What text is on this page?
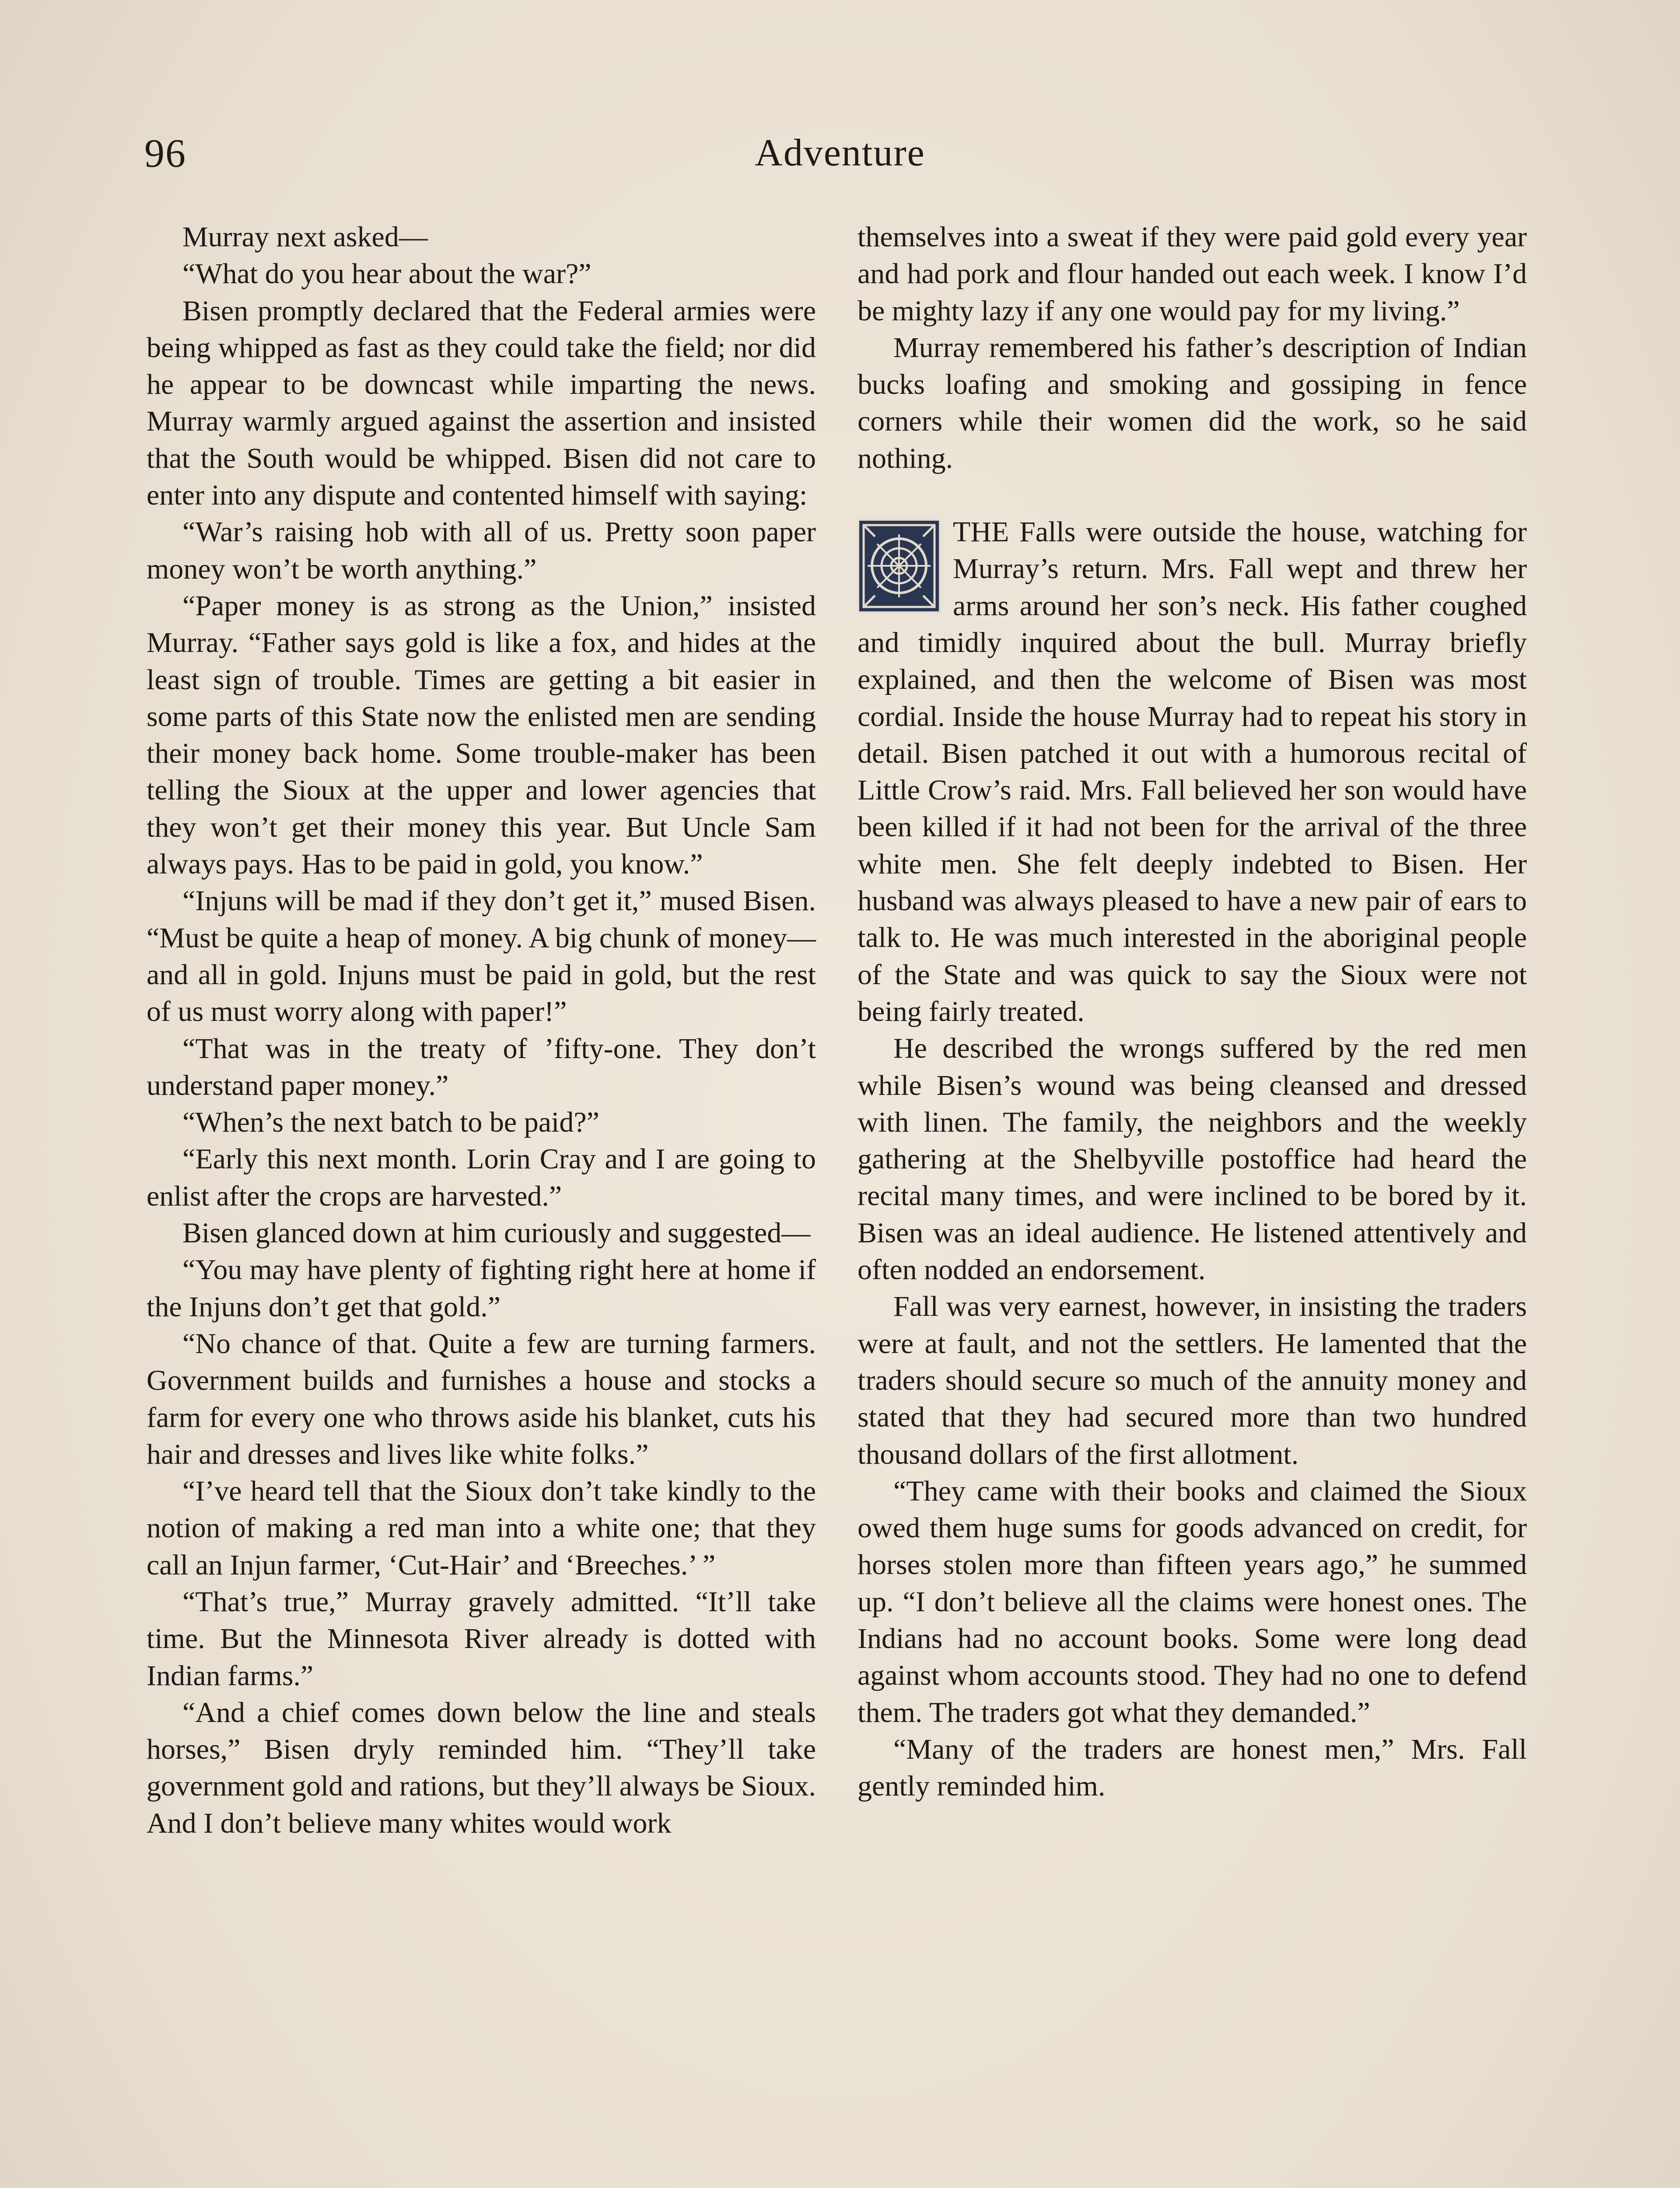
96	Adventure

Murray next asked—

“What do you hear about the war?”

Bisen promptly declared that the Federal armies were being whipped as fast as they could take the field; nor did he appear to be downcast while imparting the news. Murray warmly argued against the assertion and insisted that the South would be whipped. Bisen did not care to enter into any dispute and contented himself with saying:

“War’s raising hob with all of us. Pretty soon paper money won’t be worth anything.”

“Paper money is as strong as the Union,” insisted Murray. “Father says gold is like a fox, and hides at the least sign of trouble. Times are getting a bit easier in some parts of this State now the enlisted men are sending their money back home. Some trouble-maker has been telling the Sioux at the upper and lower agencies that they won’t get their money this year. But Uncle Sam always pays. Has to be paid in gold, you know.”

“Injuns will be mad if they don’t get it,” mused Bisen. “Must be quite a heap of money. A big chunk of money—and all in gold. Injuns must be paid in gold, but the rest of us must worry along with paper!”

“That was in the treaty of ’fifty-one. They don’t understand paper money.”

“When’s the next batch to be paid?”

“Early this next month. Lorin Cray and I are going to enlist after the crops are harvested.”

Bisen glanced down at him curiously and suggested—

“You may have plenty of fighting right here at home if the Injuns don’t get that gold.”

“No chance of that. Quite a few are turning farmers. Government builds and furnishes a house and stocks a farm for every one who throws aside his blanket, cuts his hair and dresses and lives like white folks.”

“I’ve heard tell that the Sioux don’t take kindly to the notion of making a red man into a white one; that they call an Injun farmer, ‘Cut-Hair’ and ‘Breeches.’ ”

“That’s true,” Murray gravely admitted. “It’ll take time. But the Minnesota River already is dotted with Indian farms.”

“And a chief comes down below the line and steals horses,” Bisen dryly reminded him. “They’ll take government gold and rations, but they’ll always be Sioux. And I don’t believe many whites would work

themselves into a sweat if they were paid gold every year and had pork and flour handed out each week. I know I’d be mighty lazy if any one would pay for my living.”

Murray remembered his father’s description of Indian bucks loafing and smoking and gossiping in fence corners while their women did the work, so he said nothing.

THE Falls were outside the house, watching for Murray’s return. Mrs. Fall wept and threw her arms around her son’s neck. His father coughed and timidly inquired about the bull. Murray briefly explained, and then the welcome of Bisen was most cordial. Inside the house Murray had to repeat his story in detail. Bisen patched it out with a humorous recital of Little Crow’s raid. Mrs. Fall believed her son would have been killed if it had not been for the arrival of the three white men. She felt deeply indebted to Bisen. Her husband was always pleased to have a new pair of ears to talk to. He was much interested in the aboriginal people of the State and was quick to say the Sioux were not being fairly treated.

He described the wrongs suffered by the red men while Bisen’s wound was being cleansed and dressed with linen. The family, the neighbors and the weekly gathering at the Shelbyville postoffice had heard the recital many times, and were inclined to be bored by it. Bisen was an ideal audience. He listened attentively and often nodded an endorsement.

Fall was very earnest, however, in insisting the traders were at fault, and not the settlers. He lamented that the traders should secure so much of the annuity money and stated that they had secured more than two hundred thousand dollars of the first allotment.

“They came with their books and claimed the Sioux owed them huge sums for goods advanced on credit, for horses stolen more than fifteen years ago,” he summed up. “I don’t believe all the claims were honest ones. The Indians had no account books. Some were long dead against whom accounts stood. They had no one to defend them. The traders got what they demanded.”

“Many of the traders are honest men,” Mrs. Fall gently reminded him.
